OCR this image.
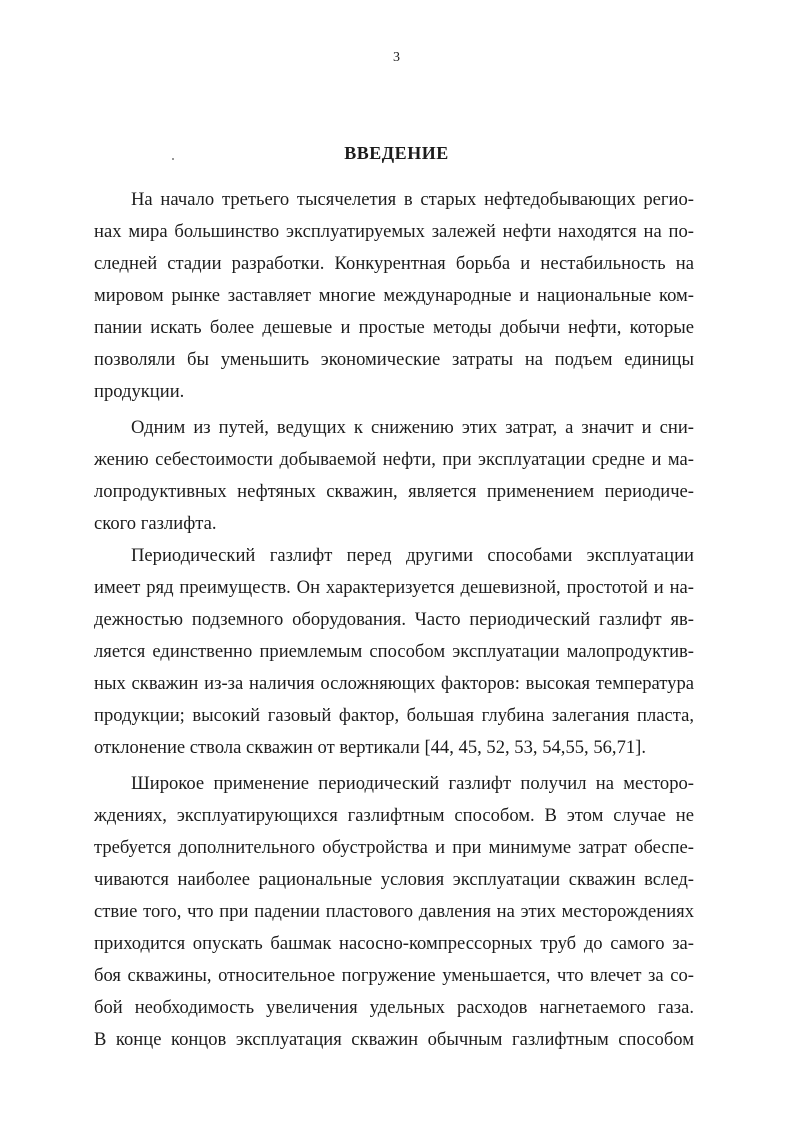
3
ВВЕДЕНИЕ
На начало третьего тысячелетия в старых нефтедобывающих регио-
нах мира большинство эксплуатируемых залежей нефти находятся на по-
следней стадии разработки. Конкурентная борьба и нестабильность на
мировом рынке заставляет многие международные и национальные ком-
пании искать более дешевые и простые методы добычи нефти, которые
позволяли бы уменьшить экономические затраты на подъем единицы
продукции.
Одним из путей, ведущих к снижению этих затрат, а значит и сни-
жению себестоимости добываемой нефти, при эксплуатации средне и ма-
лопродуктивных нефтяных скважин, является применением периодиче-
ского газлифта.
Периодический газлифт перед другими способами эксплуатации
имеет ряд преимуществ. Он характеризуется дешевизной, простотой и на-
дежностью подземного оборудования. Часто периодический газлифт яв-
ляется единственно приемлемым способом эксплуатации малопродуктив-
ных скважин из-за наличия осложняющих факторов: высокая температура
продукции; высокий газовый фактор, большая глубина залегания пласта,
отклонение ствола скважин от вертикали [44, 45, 52, 53, 54,55, 56,71].
Широкое применение периодический газлифт получил на месторо-
ждениях, эксплуатирующихся газлифтным способом. В этом случае не
требуется дополнительного обустройства и при минимуме затрат обеспе-
чиваются наиболее рациональные условия эксплуатации скважин вслед-
ствие того, что при падении пластового давления на этих месторождениях
приходится опускать башмак насосно-компрессорных труб до самого за-
боя скважины, относительное погружение уменьшается, что влечет за со-
бой необходимость увеличения удельных расходов нагнетаемого газа.
В конце концов эксплуатация скважин обычным газлифтным способом
